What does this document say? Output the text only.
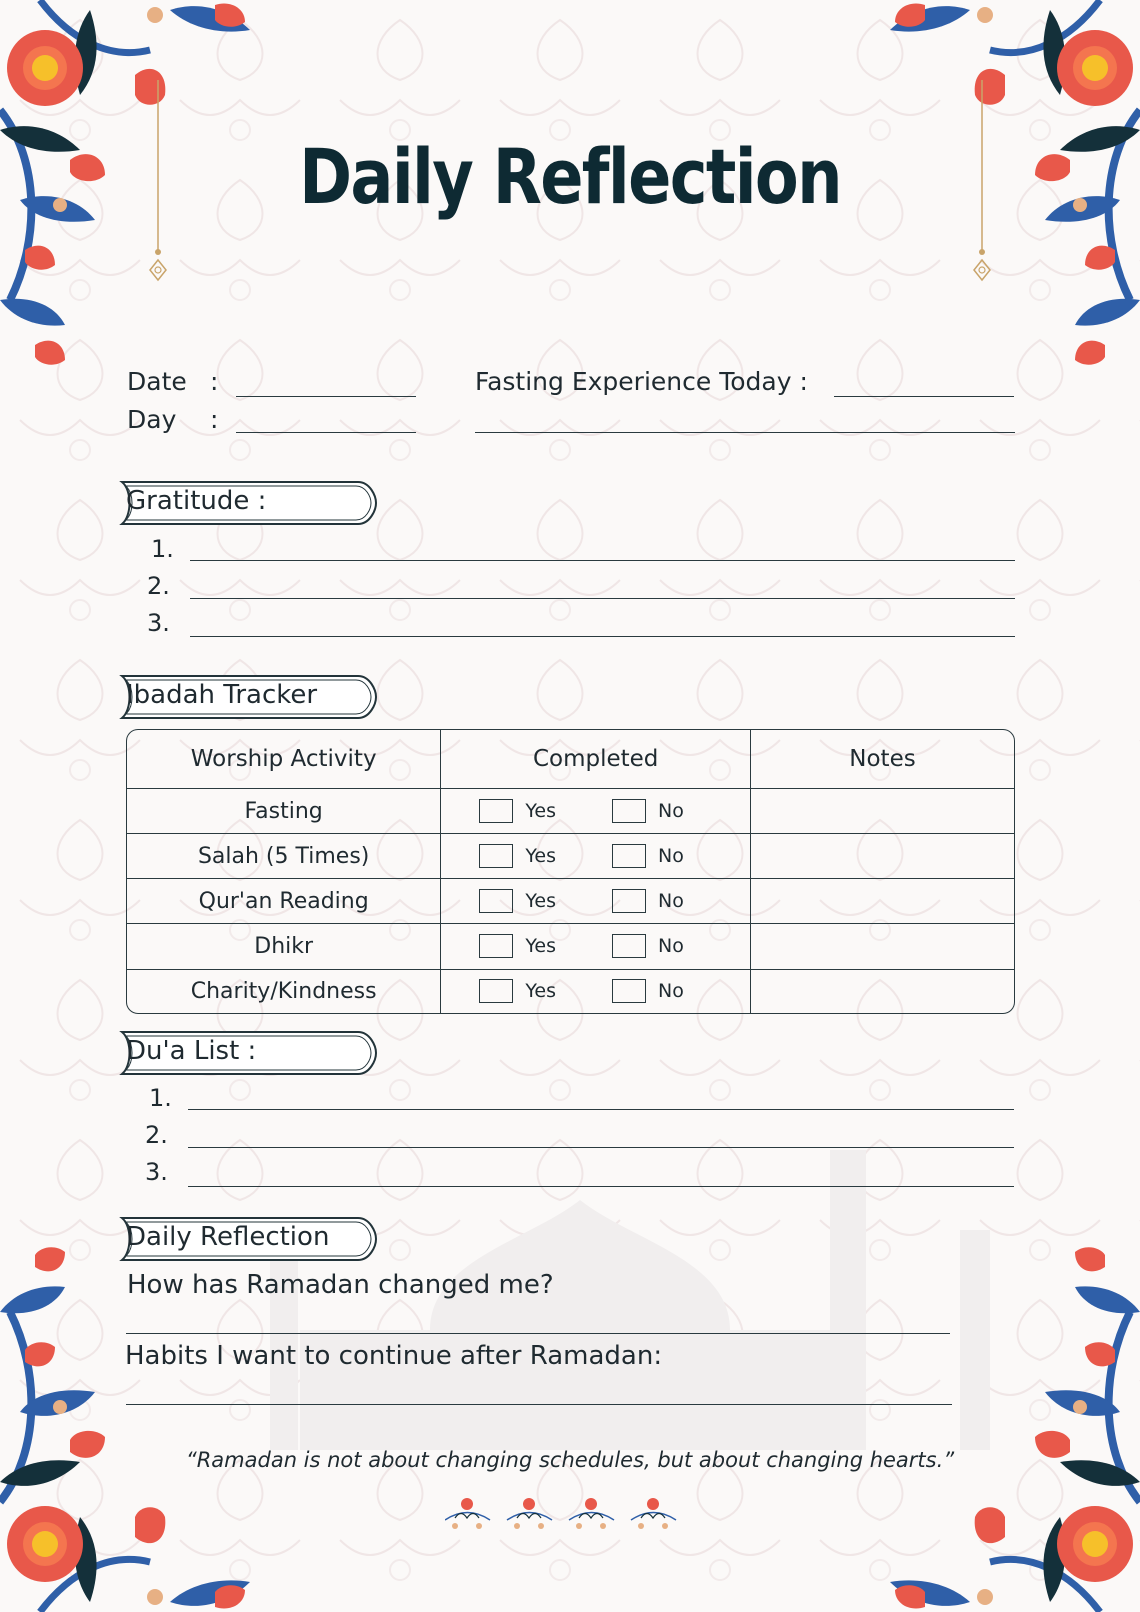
Daily Reflection
Date :
Day :
Fasting Experience Today :
Gratitude :
1.
2.
3.
Ibadah Tracker
Worship Activity	Completed	Notes
Fasting	Yes No	

Salah (5 Times)	Yes No	

Qur'an Reading	Yes No	

Dhikr	Yes No	

Charity/Kindness	Yes No	

Du'a List :
1.
2.
3.
Daily Reflection
How has Ramadan changed me?
Habits I want to continue after Ramadan:
“Ramadan is not about changing schedules, but about changing hearts.”
